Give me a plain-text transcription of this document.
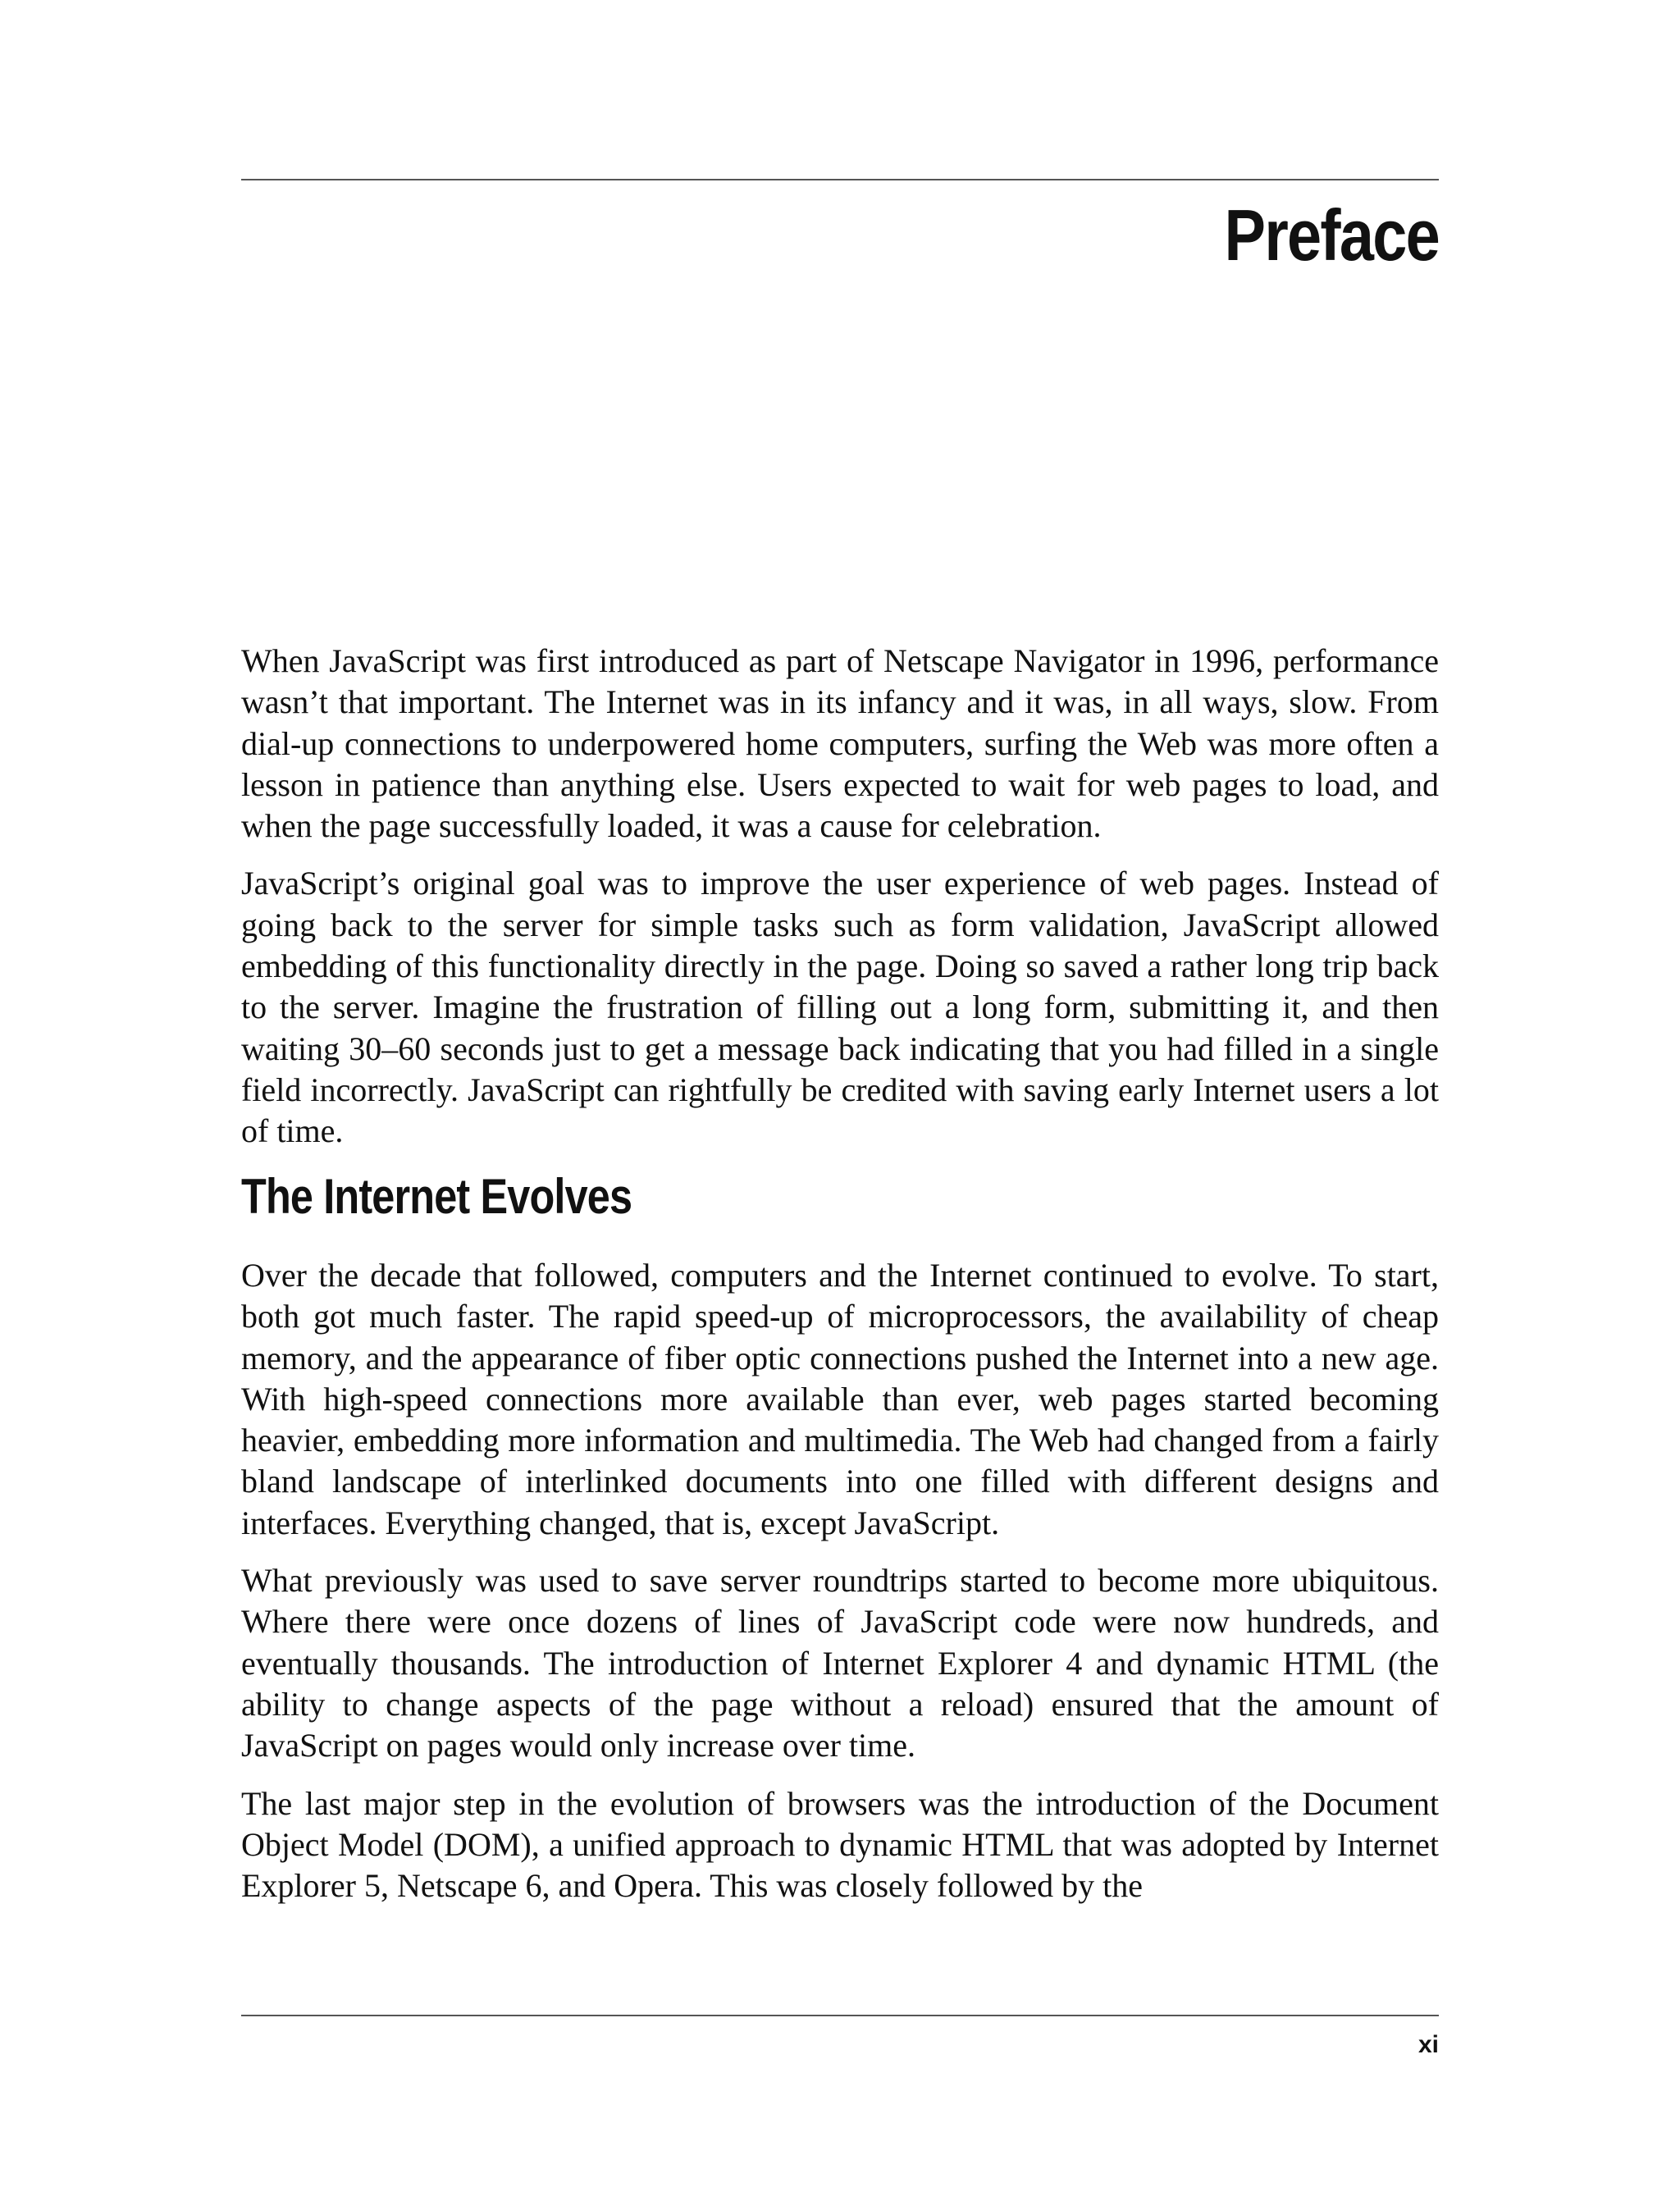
Preface

When JavaScript was first introduced as part of Netscape Navigator in 1996, performance wasn’t that important. The Internet was in its infancy and it was, in all ways, slow. From dial-up connections to underpowered home computers, surfing the Web was more often a lesson in patience than anything else. Users expected to wait for web pages to load, and when the page successfully loaded, it was a cause for celebration.

JavaScript’s original goal was to improve the user experience of web pages. Instead of going back to the server for simple tasks such as form validation, JavaScript allowed embedding of this functionality directly in the page. Doing so saved a rather long trip back to the server. Imagine the frustration of filling out a long form, submitting it, and then waiting 30–60 seconds just to get a message back indicating that you had filled in a single field incorrectly. JavaScript can rightfully be credited with saving early Internet users a lot of time.

The Internet Evolves

Over the decade that followed, computers and the Internet continued to evolve. To start, both got much faster. The rapid speed-up of microprocessors, the availability of cheap memory, and the appearance of fiber optic connections pushed the Internet into a new age. With high-speed connections more available than ever, web pages started becoming heavier, embedding more information and multimedia. The Web had changed from a fairly bland landscape of interlinked documents into one filled with different designs and interfaces. Everything changed, that is, except JavaScript.

What previously was used to save server roundtrips started to become more ubiquitous. Where there were once dozens of lines of JavaScript code were now hundreds, and eventually thousands. The introduction of Internet Explorer 4 and dynamic HTML (the ability to change aspects of the page without a reload) ensured that the amount of JavaScript on pages would only increase over time.

The last major step in the evolution of browsers was the introduction of the Document Object Model (DOM), a unified approach to dynamic HTML that was adopted by Internet Explorer 5, Netscape 6, and Opera. This was closely followed by the

xi
